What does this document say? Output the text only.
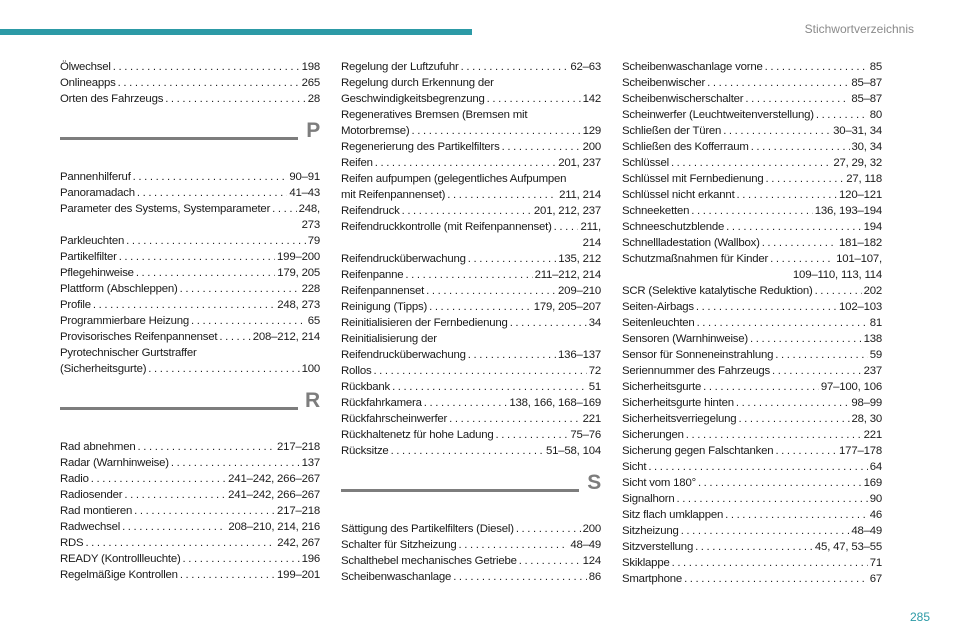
Stichwortverzeichnis
Ölwechsel . . .	198
Onlineapps . . .	265
Orten des Fahrzeugs . . .	28
P
Pannenhilferuf . . .	90–91
Panoramadach . . .	41–43
Parameter des Systems, Systemparameter . . . 248,
273
Parkleuchten . . .	79
Partikelfilter . . .	199–200
Pflegehinweise . . .	179, 205
Plattform (Abschleppen) . . .	228
Profile . . .	248, 273
Programmierbare Heizung . . .	65
Provisorisches Reifenpannenset . . .	208–212, 214
Pyrotechnischer Gurtstraffer
(Sicherheitsgurte) . . .	100
R
Rad abnehmen . . .	217–218
Radar (Warnhinweise) . . .	137
Radio . . .	241–242, 266–267
Radiosender . . .	241–242, 266–267
Rad montieren . . .	217–218
Radwechsel . . .	208–210, 214, 216
RDS . . .	242, 267
READY (Kontrollleuchte) . . .	196
Regelmäßige Kontrollen . . .	199–201
Regelung der Luftzufuhr . . .	62–63
Regelung durch Erkennung der
Geschwindigkeitsbegrenzung . . .	142
Regeneratives Bremsen (Bremsen mit
Motorbremse) . . .	129
Regenerierung des Partikelfilters . . .	200
Reifen . . .	201, 237
Reifen aufpumpen (gelegentliches Aufpumpen
mit Reifenpannenset) . . .	211, 214
Reifendruck . . .	201, 212, 237
Reifendruckkontrolle (mit Reifenpannenset) . . .	211,
214
Reifendrucküberwachung . . .	135, 212
Reifenpanne . . .	211–212, 214
Reifenpannenset . . .	209–210
Reinigung (Tipps) . . .	179, 205–207
Reinitialisieren der Fernbedienung . . .	34
Reinitialisierung der
Reifendrucküberwachung . . .	136–137
Rollos . . .	72
Rückbank . . .	51
Rückfahrkamera . . .	138, 166, 168–169
Rückfahrscheinwerfer . . .	221
Rückhaltenetz für hohe Ladung . . .	75–76
Rücksitze . . .	51–58, 104
S
Sättigung des Partikelfilters (Diesel) . . .	200
Schalter für Sitzheizung . . .	48–49
Schalthebel mechanisches Getriebe . . .	124
Scheibenwaschanlage . . .	86
Scheibenwaschanlage vorne . . .	85
Scheibenwischer . . .	85–87
Scheibenwischerschalter . . .	85–87
Scheinwerfer (Leuchtweitenverstellung) . . .	80
Schließen der Türen . . .	30–31, 34
Schließen des Kofferraum . . .	30, 34
Schlüssel . . .	27, 29, 32
Schlüssel mit Fernbedienung . . .	27, 118
Schlüssel nicht erkannt . . .	120–121
Schneeketten . . .	136, 193–194
Schneeschutzblende . . .	194
Schnellladestation (Wallbox) . . .	181–182
Schutzmaßnahmen für Kinder . . .	101–107,
109–110, 113, 114
SCR (Selektive katalytische Reduktion) . . .	202
Seiten-Airbags . . .	102–103
Seitenleuchten . . .	81
Sensoren (Warnhinweise) . . .	138
Sensor für Sonneneinstrahlung . . .	59
Seriennummer des Fahrzeugs . . .	237
Sicherheitsgurte . . .	97–100, 106
Sicherheitsgurte hinten . . .	98–99
Sicherheitsverriegelung . . .	28, 30
Sicherungen . . .	221
Sicherung gegen Falschtanken . . .	177–178
Sicht . . .	64
Sicht vom 180° . . .	169
Signalhorn . . .	90
Sitz flach umklappen . . .	46
Sitzheizung . . .	48–49
Sitzverstellung . . .	45, 47, 53–55
Skiklappe . . .	71
Smartphone . . .	67
285
